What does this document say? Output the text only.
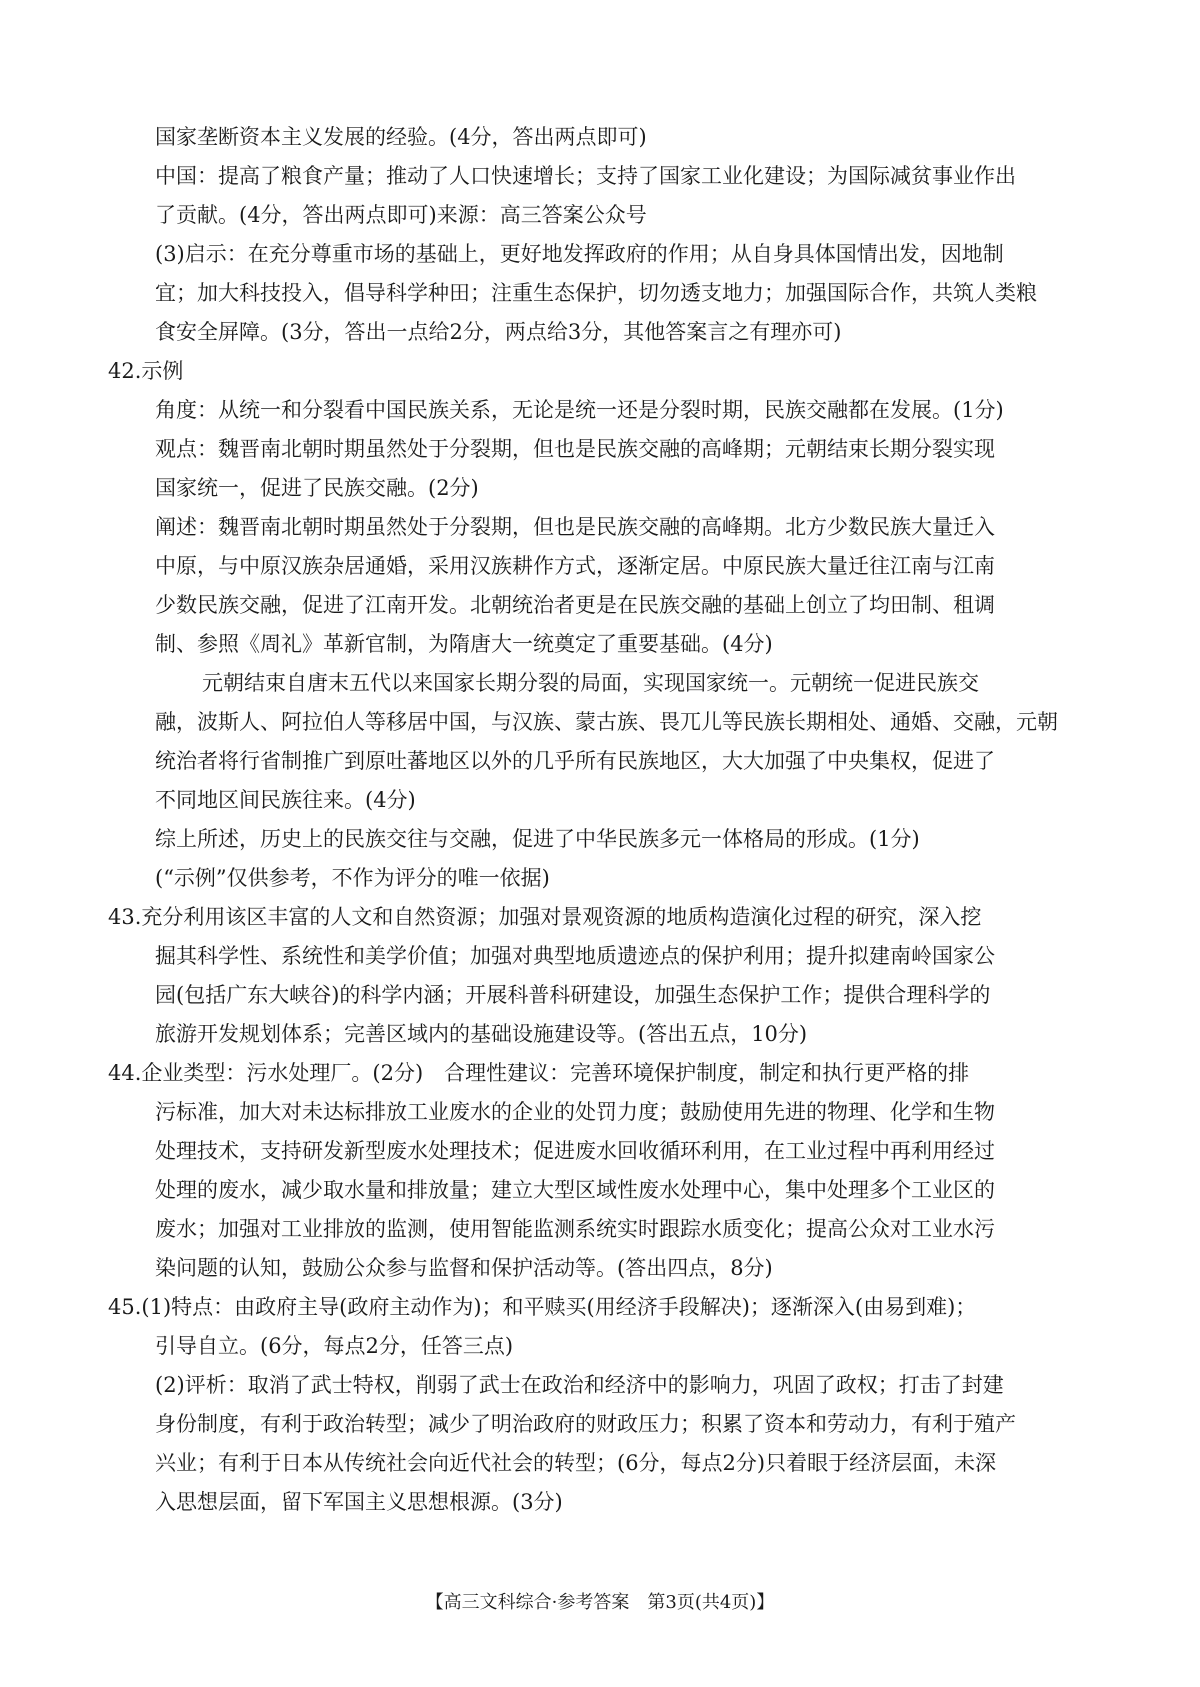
国家垄断资本主义发展的经验。(4分，答出两点即可)
中国：提高了粮食产量；推动了人口快速增长；支持了国家工业化建设；为国际减贫事业作出
了贡献。(4分，答出两点即可)来源：高三答案公众号
(3)启示：在充分尊重市场的基础上，更好地发挥政府的作用；从自身具体国情出发，因地制
宜；加大科技投入，倡导科学种田；注重生态保护，切勿透支地力；加强国际合作，共筑人类粮
食安全屏障。(3分，答出一点给2分，两点给3分，其他答案言之有理亦可)
42.示例
角度：从统一和分裂看中国民族关系，无论是统一还是分裂时期，民族交融都在发展。(1分)
观点：魏晋南北朝时期虽然处于分裂期，但也是民族交融的高峰期；元朝结束长期分裂实现
国家统一，促进了民族交融。(2分)
阐述：魏晋南北朝时期虽然处于分裂期，但也是民族交融的高峰期。北方少数民族大量迁入
中原，与中原汉族杂居通婚，采用汉族耕作方式，逐渐定居。中原民族大量迁往江南与江南
少数民族交融，促进了江南开发。北朝统治者更是在民族交融的基础上创立了均田制、租调
制、参照《周礼》革新官制，为隋唐大一统奠定了重要基础。(4分)
元朝结束自唐末五代以来国家长期分裂的局面，实现国家统一。元朝统一促进民族交
融，波斯人、阿拉伯人等移居中国，与汉族、蒙古族、畏兀儿等民族长期相处、通婚、交融，元朝
统治者将行省制推广到原吐蕃地区以外的几乎所有民族地区，大大加强了中央集权，促进了
不同地区间民族往来。(4分)
综上所述，历史上的民族交往与交融，促进了中华民族多元一体格局的形成。(1分)
(“示例”仅供参考，不作为评分的唯一依据)
43.充分利用该区丰富的人文和自然资源；加强对景观资源的地质构造演化过程的研究，深入挖
掘其科学性、系统性和美学价值；加强对典型地质遗迹点的保护利用；提升拟建南岭国家公
园(包括广东大峡谷)的科学内涵；开展科普科研建设，加强生态保护工作；提供合理科学的
旅游开发规划体系；完善区域内的基础设施建设等。(答出五点，10分)
44.企业类型：污水处理厂。(2分)　合理性建议：完善环境保护制度，制定和执行更严格的排
污标准，加大对未达标排放工业废水的企业的处罚力度；鼓励使用先进的物理、化学和生物
处理技术，支持研发新型废水处理技术；促进废水回收循环利用，在工业过程中再利用经过
处理的废水，减少取水量和排放量；建立大型区域性废水处理中心，集中处理多个工业区的
废水；加强对工业排放的监测，使用智能监测系统实时跟踪水质变化；提高公众对工业水污
染问题的认知，鼓励公众参与监督和保护活动等。(答出四点，8分)
45.(1)特点：由政府主导(政府主动作为)；和平赎买(用经济手段解决)；逐渐深入(由易到难)；
引导自立。(6分，每点2分，任答三点)
(2)评析：取消了武士特权，削弱了武士在政治和经济中的影响力，巩固了政权；打击了封建
身份制度，有利于政治转型；减少了明治政府的财政压力；积累了资本和劳动力，有利于殖产
兴业；有利于日本从传统社会向近代社会的转型；(6分，每点2分)只着眼于经济层面，未深
入思想层面，留下军国主义思想根源。(3分)
【高三文科综合·参考答案　第3页(共4页)】
